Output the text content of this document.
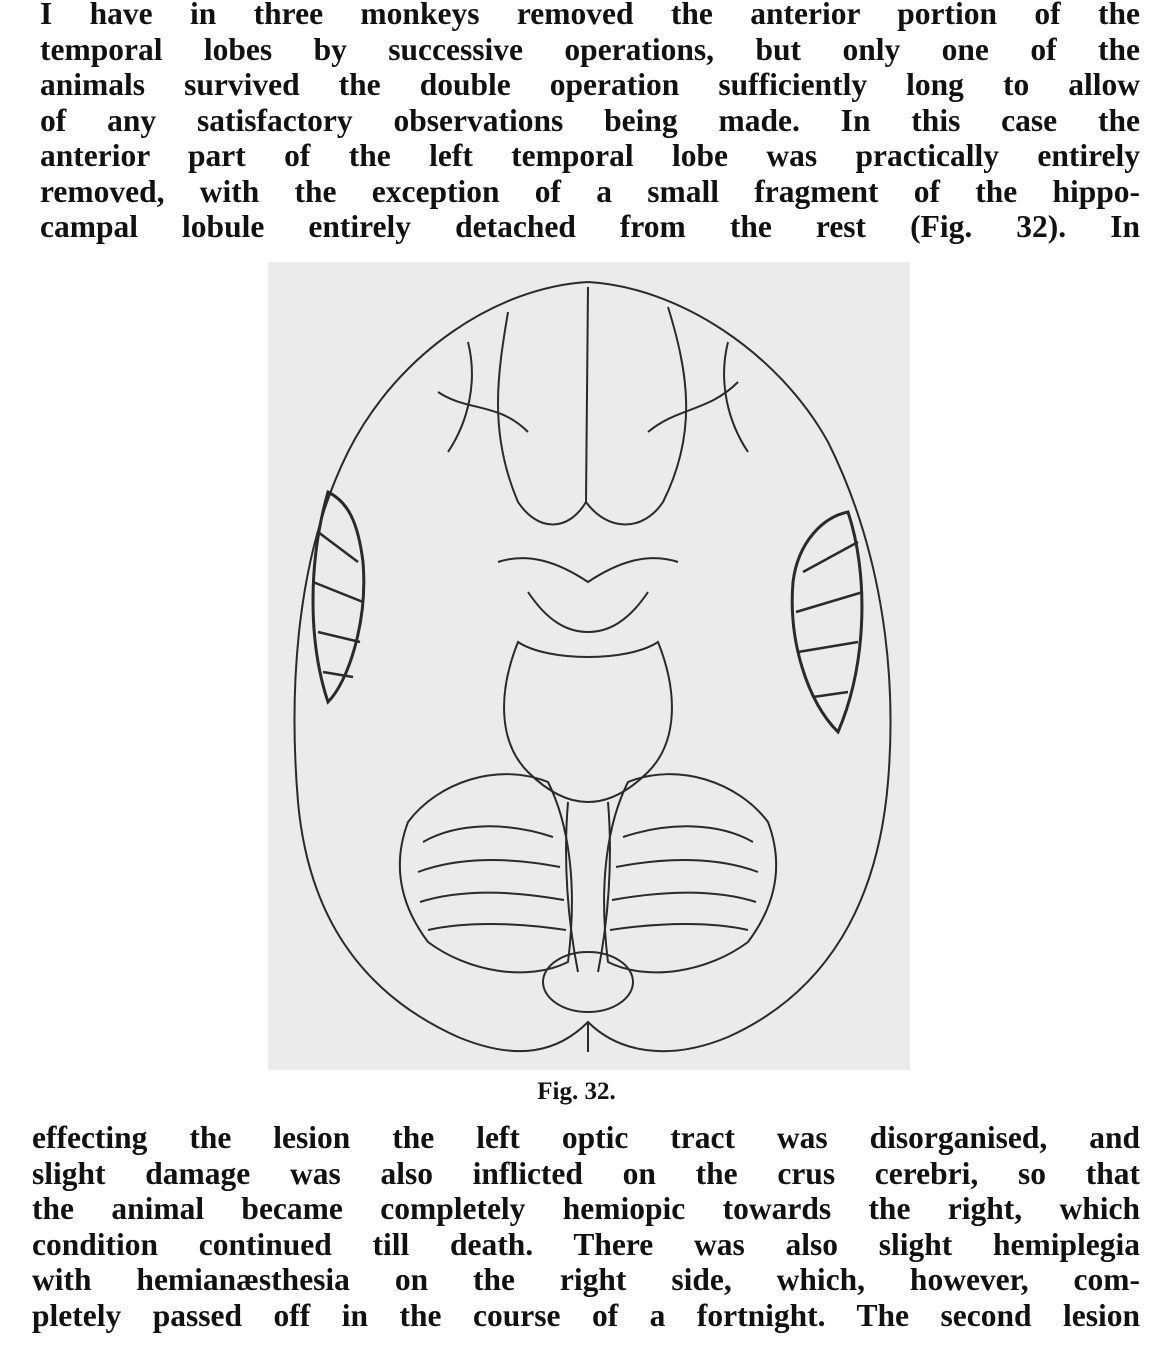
I have in three monkeys removed the anterior portion of the
temporal lobes by successive operations, but only one of the
animals survived the double operation sufficiently long to allow
of any satisfactory observations being made. In this case the
anterior part of the left temporal lobe was practically entirely
removed, with the exception of a small fragment of the hippo-
campal lobule entirely detached from the rest (Fig. 32). In

Fig. 32.

effecting the lesion the left optic tract was disorganised, and
slight damage was also inflicted on the crus cerebri, so that
the animal became completely hemiopic towards the right, which
condition continued till death. There was also slight hemiplegia
with hemianæsthesia on the right side, which, however, com-
pletely passed off in the course of a fortnight. The second lesion
